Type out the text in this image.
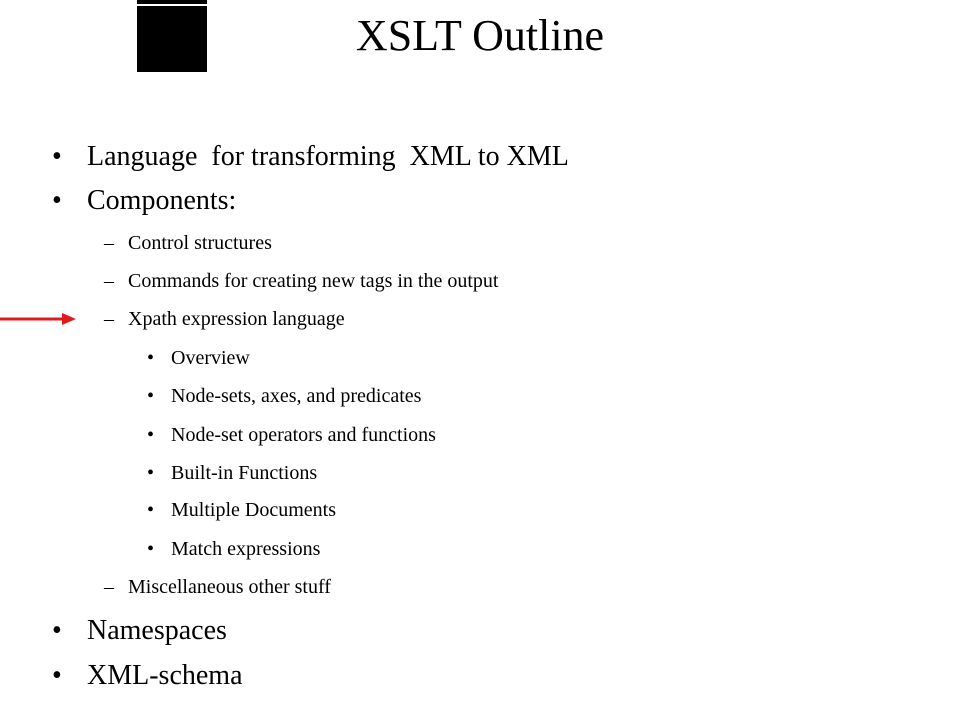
XSLT Outline
• Language  for transforming  XML to XML
• Components:
– Control structures
– Commands for creating new tags in the output
– Xpath expression language
• Overview
• Node-sets, axes, and predicates
• Node-set operators and functions
• Built-in Functions
• Multiple Documents
• Match expressions
– Miscellaneous other stuff
• Namespaces
• XML-schema
